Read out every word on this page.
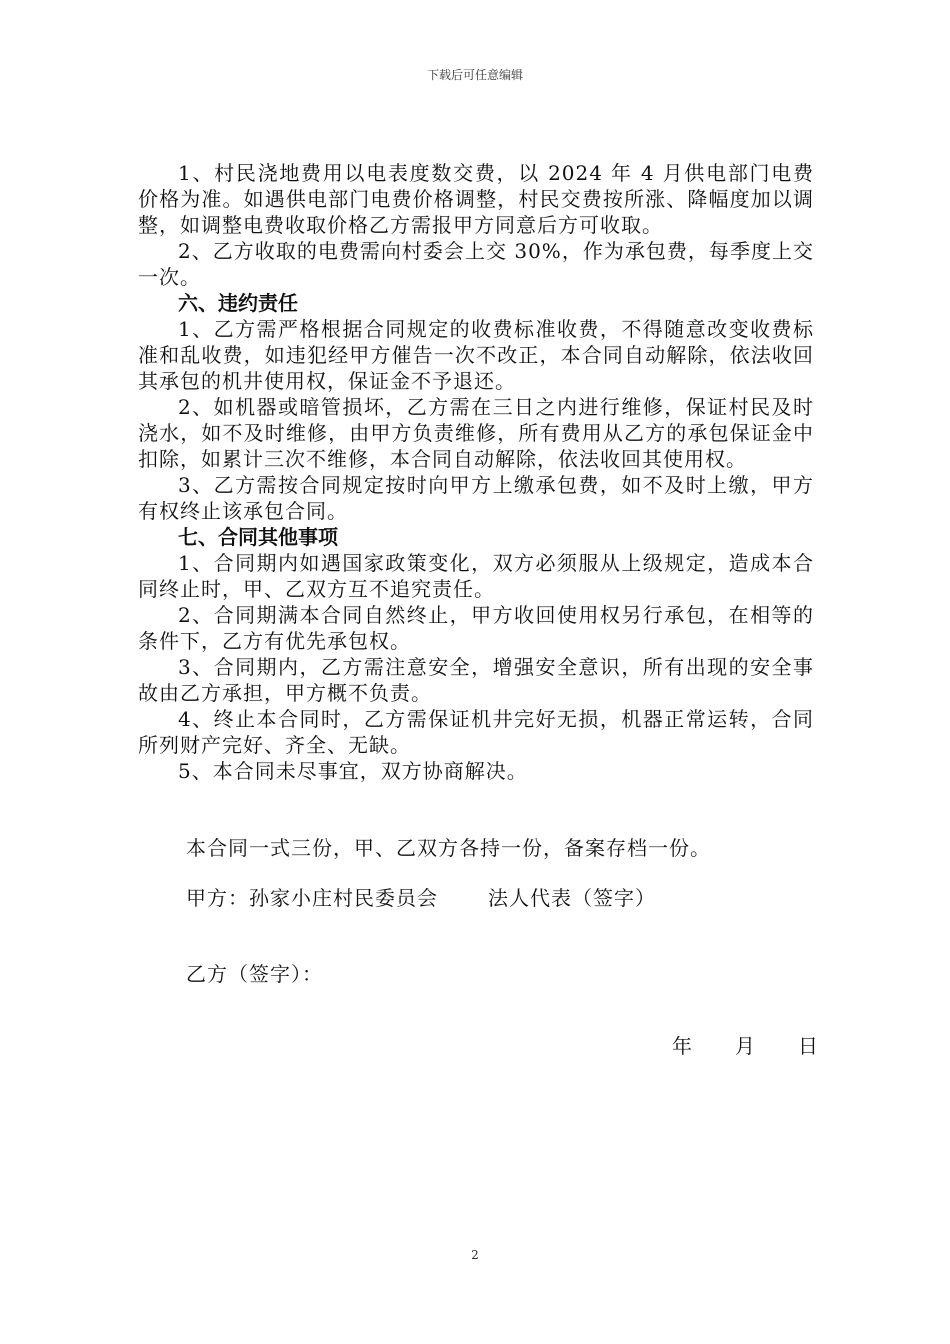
下载后可任意编辑

1、村民浇地费用以电表度数交费，以 2024 年 4 月供电部门电费价格为准。如遇供电部门电费价格调整，村民交费按所涨、降幅度加以调整，如调整电费收取价格乙方需报甲方同意后方可收取。

2、乙方收取的电费需向村委会上交 30%，作为承包费，每季度上交一次。

六、违约责任

1、乙方需严格根据合同规定的收费标准收费，不得随意改变收费标准和乱收费，如违犯经甲方催告一次不改正，本合同自动解除，依法收回其承包的机井使用权，保证金不予退还。

2、如机器或暗管损坏，乙方需在三日之内进行维修，保证村民及时浇水，如不及时维修，由甲方负责维修，所有费用从乙方的承包保证金中扣除，如累计三次不维修，本合同自动解除，依法收回其使用权。

3、乙方需按合同规定按时向甲方上缴承包费，如不及时上缴，甲方有权终止该承包合同。

七、合同其他事项

1、合同期内如遇国家政策变化，双方必须服从上级规定，造成本合同终止时，甲、乙双方互不追究责任。

2、合同期满本合同自然终止，甲方收回使用权另行承包，在相等的条件下，乙方有优先承包权。

3、合同期内，乙方需注意安全，增强安全意识，所有出现的安全事故由乙方承担，甲方概不负责。

4、终止本合同时，乙方需保证机井完好无损，机器正常运转，合同所列财产完好、齐全、无缺。

5、本合同未尽事宜，双方协商解决。

本合同一式三份，甲、乙双方各持一份，备案存档一份。
甲方：孙家小庄村民委员会	法人代表（签字）
乙方（签字）：
年　　月　　日
2
